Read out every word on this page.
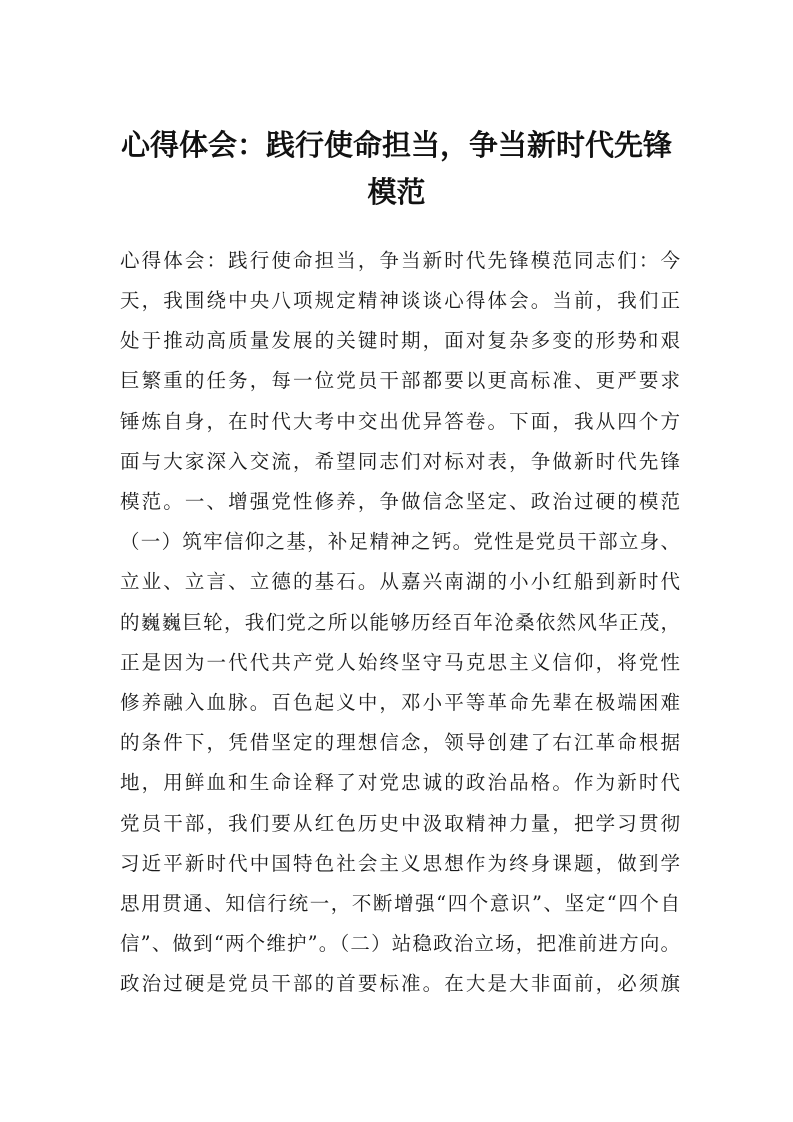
心得体会：践行使命担当，争当新时代先锋
模范
心得体会：践行使命担当，争当新时代先锋模范同志们：今
天，我围绕中央八项规定精神谈谈心得体会。当前，我们正
处于推动高质量发展的关键时期，面对复杂多变的形势和艰
巨繁重的任务，每一位党员干部都要以更高标准、更严要求
锤炼自身，在时代大考中交出优异答卷。下面，我从四个方
面与大家深入交流，希望同志们对标对表，争做新时代先锋
模范。一、增强党性修养，争做信念坚定、政治过硬的模范
（一）筑牢信仰之基，补足精神之钙。党性是党员干部立身、
立业、立言、立德的基石。从嘉兴南湖的小小红船到新时代
的巍巍巨轮，我们党之所以能够历经百年沧桑依然风华正茂，
正是因为一代代共产党人始终坚守马克思主义信仰，将党性
修养融入血脉。百色起义中，邓小平等革命先辈在极端困难
的条件下，凭借坚定的理想信念，领导创建了右江革命根据
地，用鲜血和生命诠释了对党忠诚的政治品格。作为新时代
党员干部，我们要从红色历史中汲取精神力量，把学习贯彻
习近平新时代中国特色社会主义思想作为终身课题，做到学
思用贯通、知信行统一，不断增强“四个意识”、坚定“四个自
信”、做到“两个维护”。（二）站稳政治立场，把准前进方向。
政治过硬是党员干部的首要标准。在大是大非面前，必须旗
